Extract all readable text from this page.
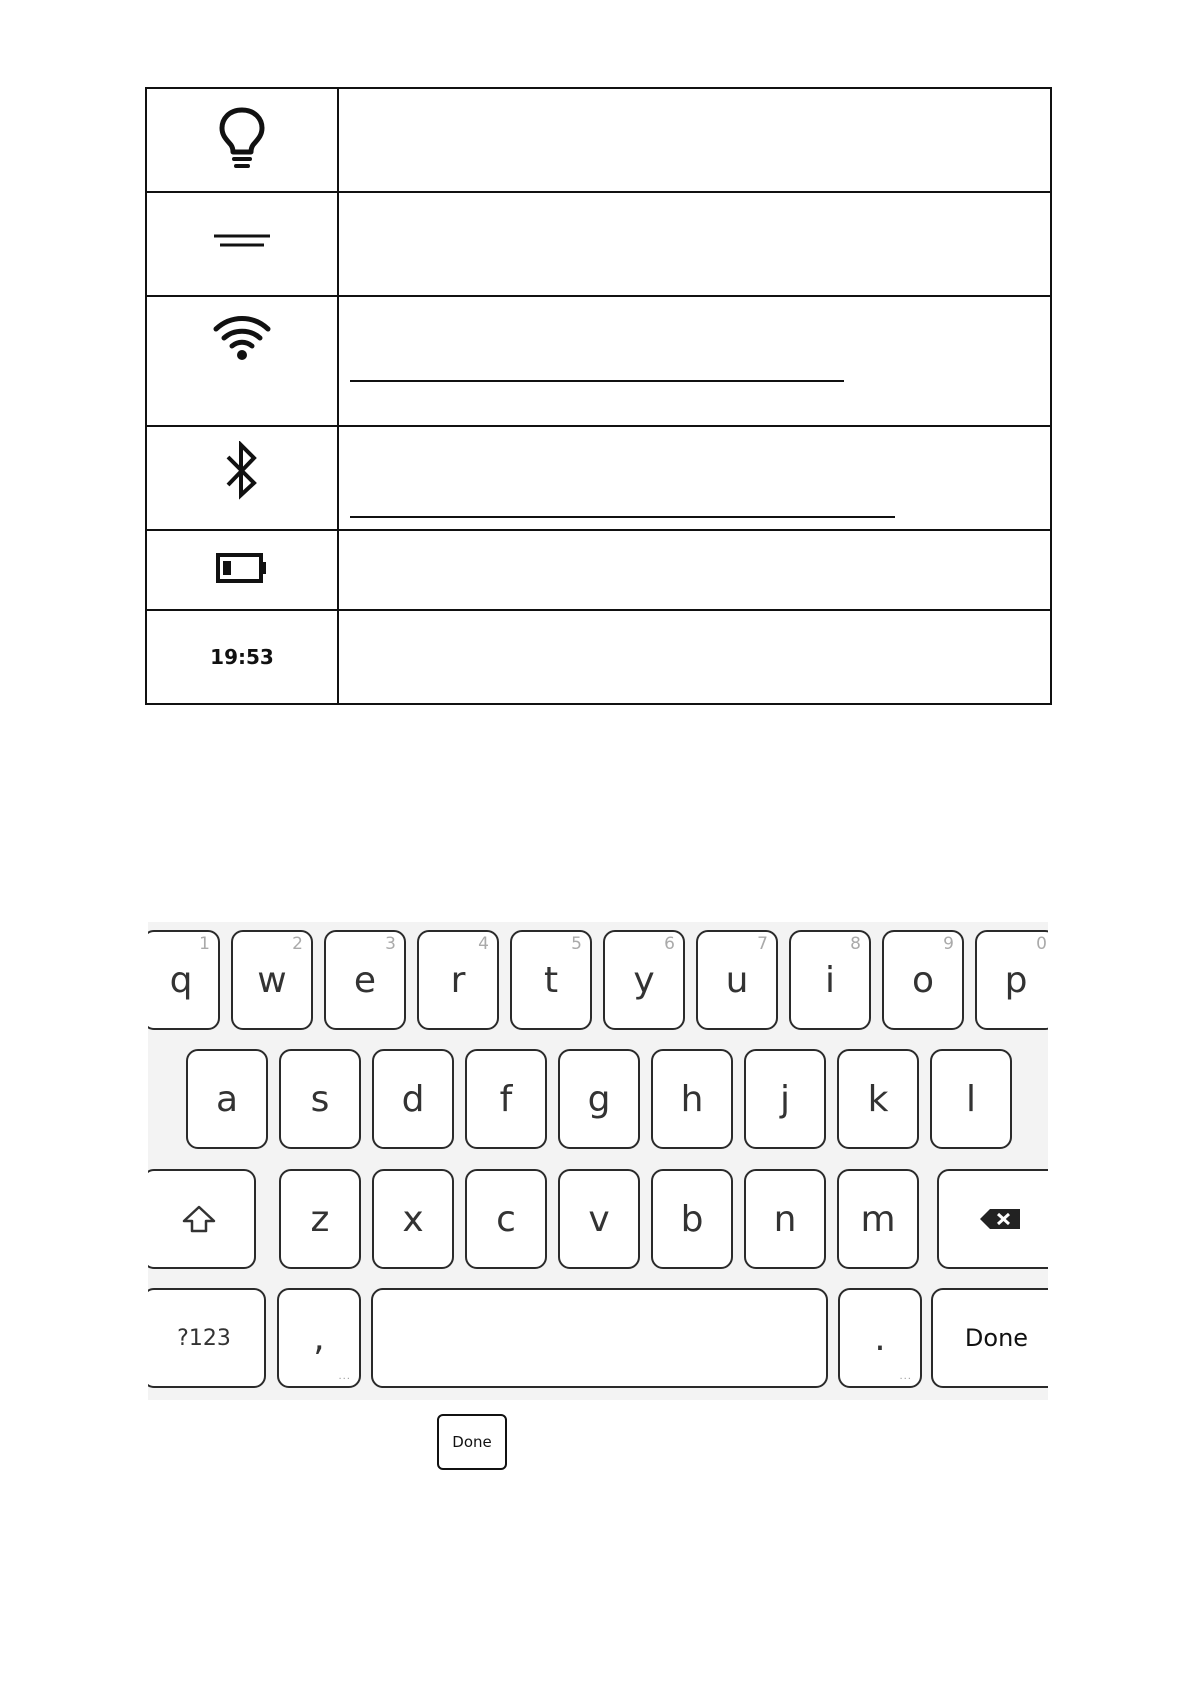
19:53	
q
1
w
2
e
3
r
4
t
5
y
6
u
7
i
8
o
9
p
0
a	s	d	f	g	h	j	k	l
z	x	c	v	b	n	m
?123	,
···
.
···
Done
Done
